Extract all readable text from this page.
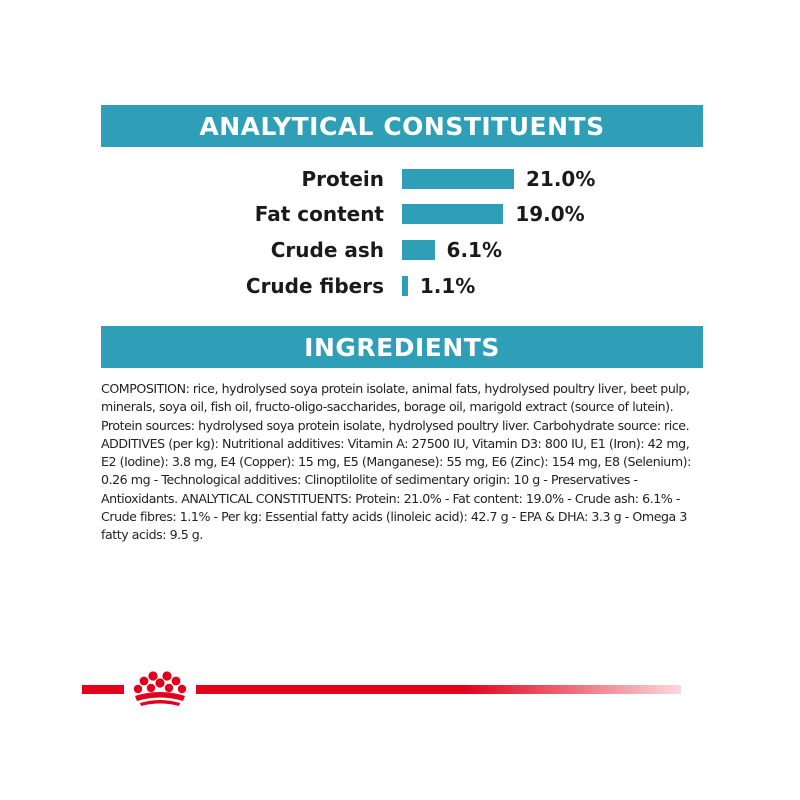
ANALYTICAL CONSTITUENTS
Protein	21.0%
Fat content	19.0%
Crude ash	6.1%
Crude fibers 1.1%
INGREDIENTS

COMPOSITION: rice, hydrolysed soya protein isolate, animal fats, hydrolysed poultry liver, beet pulp, minerals, soya oil, fish oil, fructo-oligo-saccharides, borage oil, marigold extract (source of lutein). Protein sources: hydrolysed soya protein isolate, hydrolysed poultry liver. Carbohydrate source: rice. ADDITIVES (per kg): Nutritional additives: Vitamin A: 27500 IU, Vitamin D3: 800 IU, E1 (Iron): 42 mg, E2 (Iodine): 3.8 mg, E4 (Copper): 15 mg, E5 (Manganese): 55 mg, E6 (Zinc): 154 mg, E8 (Selenium): 0.26 mg - Technological additives: Clinoptilolite of sedimentary origin: 10 g - Preservatives - Antioxidants. ANALYTICAL CONSTITUENTS: Protein: 21.0% - Fat content: 19.0% - Crude ash: 6.1% - Crude fibres: 1.1% - Per kg: Essential fatty acids (linoleic acid): 42.7 g - EPA & DHA: 3.3 g - Omega 3 fatty acids: 9.5 g.
